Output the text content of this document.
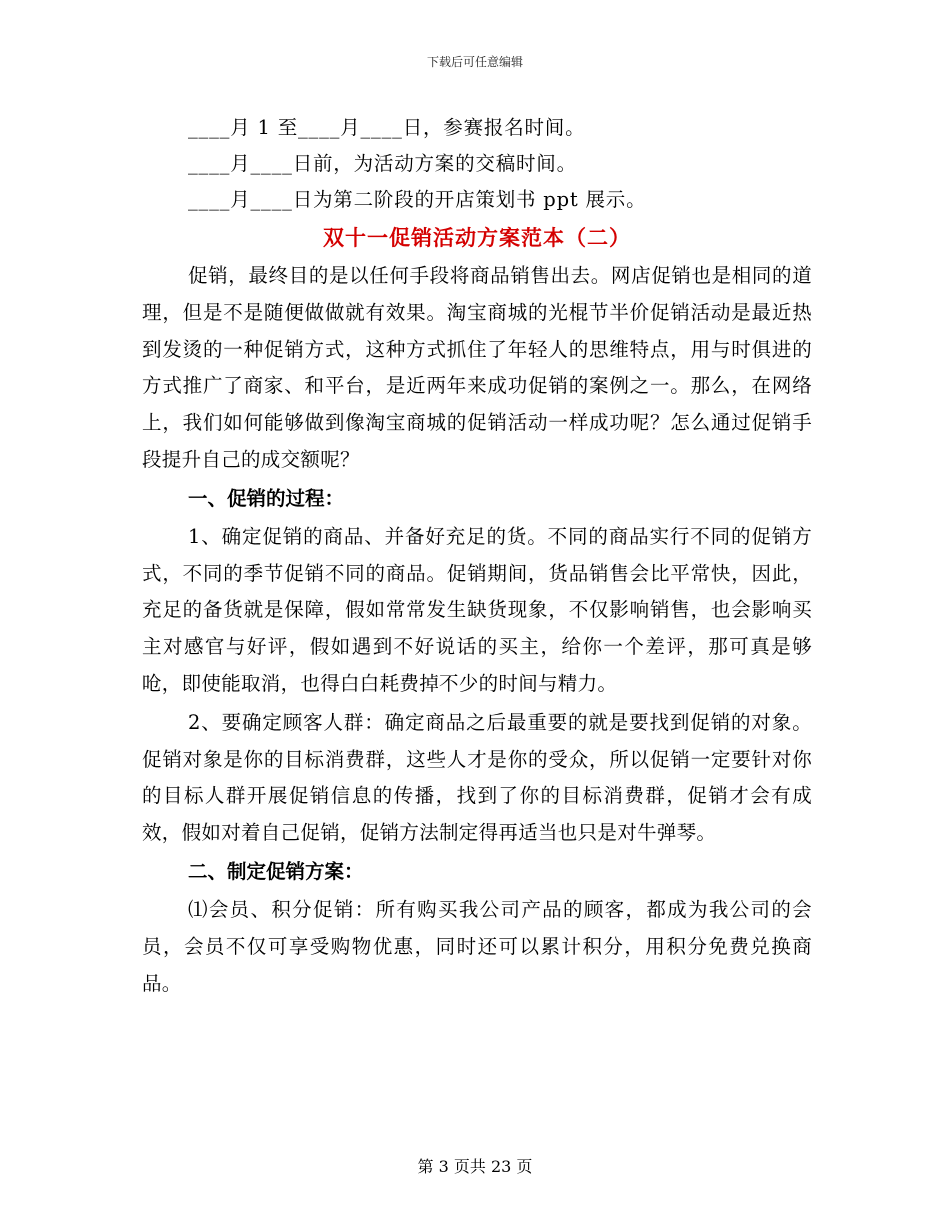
下载后可任意编辑
____月 1 至____月____日，参赛报名时间。
____月____日前，为活动方案的交稿时间。
____月____日为第二阶段的开店策划书 ppt 展示。
双十一促销活动方案范本（二）

促销，最终目的是以任何手段将商品销售出去。网店促销也是相同的道理，但是不是随便做做就有效果。淘宝商城的光棍节半价促销活动是最近热到发烫的一种促销方式，这种方式抓住了年轻人的思维特点，用与时俱进的方式推广了商家、和平台，是近两年来成功促销的案例之一。那么，在网络上，我们如何能够做到像淘宝商城的促销活动一样成功呢？怎么通过促销手段提升自己的成交额呢？

一、促销的过程：

1、确定促销的商品、并备好充足的货。不同的商品实行不同的促销方式，不同的季节促销不同的商品。促销期间，货品销售会比平常快，因此，充足的备货就是保障，假如常常发生缺货现象，不仅影响销售，也会影响买主对感官与好评，假如遇到不好说话的买主，给你一个差评，那可真是够呛，即使能取消，也得白白耗费掉不少的时间与精力。

2、要确定顾客人群：确定商品之后最重要的就是要找到促销的对象。促销对象是你的目标消费群，这些人才是你的受众，所以促销一定要针对你的目标人群开展促销信息的传播，找到了你的目标消费群，促销才会有成效，假如对着自己促销，促销方法制定得再适当也只是对牛弹琴。

二、制定促销方案：

⑴会员、积分促销：所有购买我公司产品的顾客，都成为我公司的会员，会员不仅可享受购物优惠，同时还可以累计积分，用积分免费兑换商品。

第 3 页共 23 页
